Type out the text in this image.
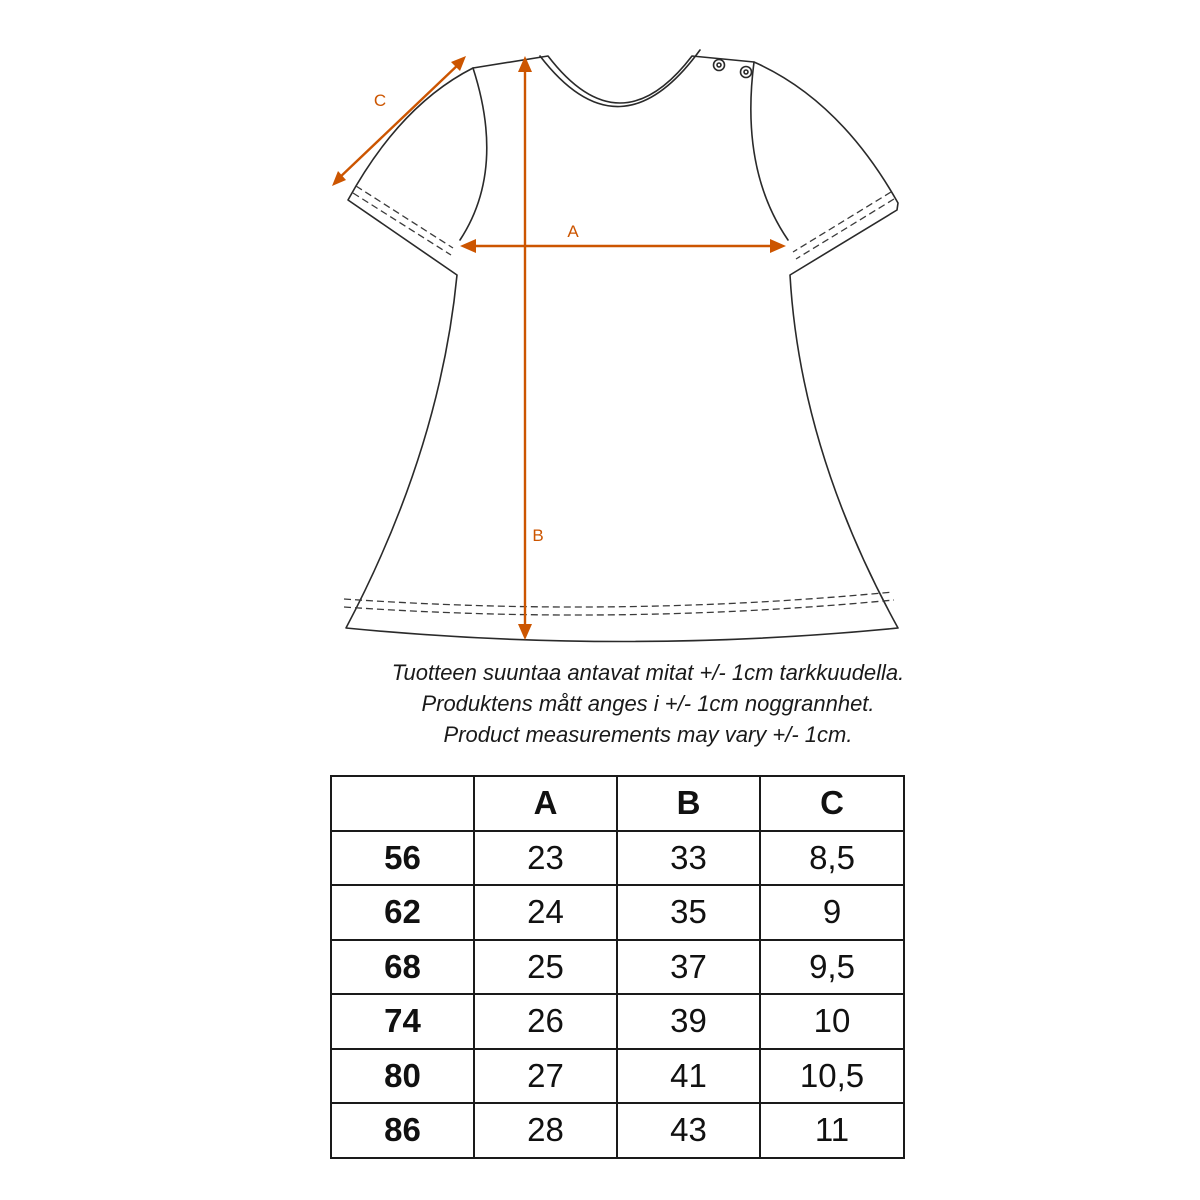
C
A
B
Tuotteen suuntaa antavat mitat +/- 1cm tarkkuudella.
Produktens mått anges i +/- 1cm noggrannhet.
Product measurements may vary +/- 1cm.
	A	B	C
56	23	33	8,5
62	24	35	9
68	25	37	9,5
74	26	39	10
80	27	41	10,5
86	28	43	11
